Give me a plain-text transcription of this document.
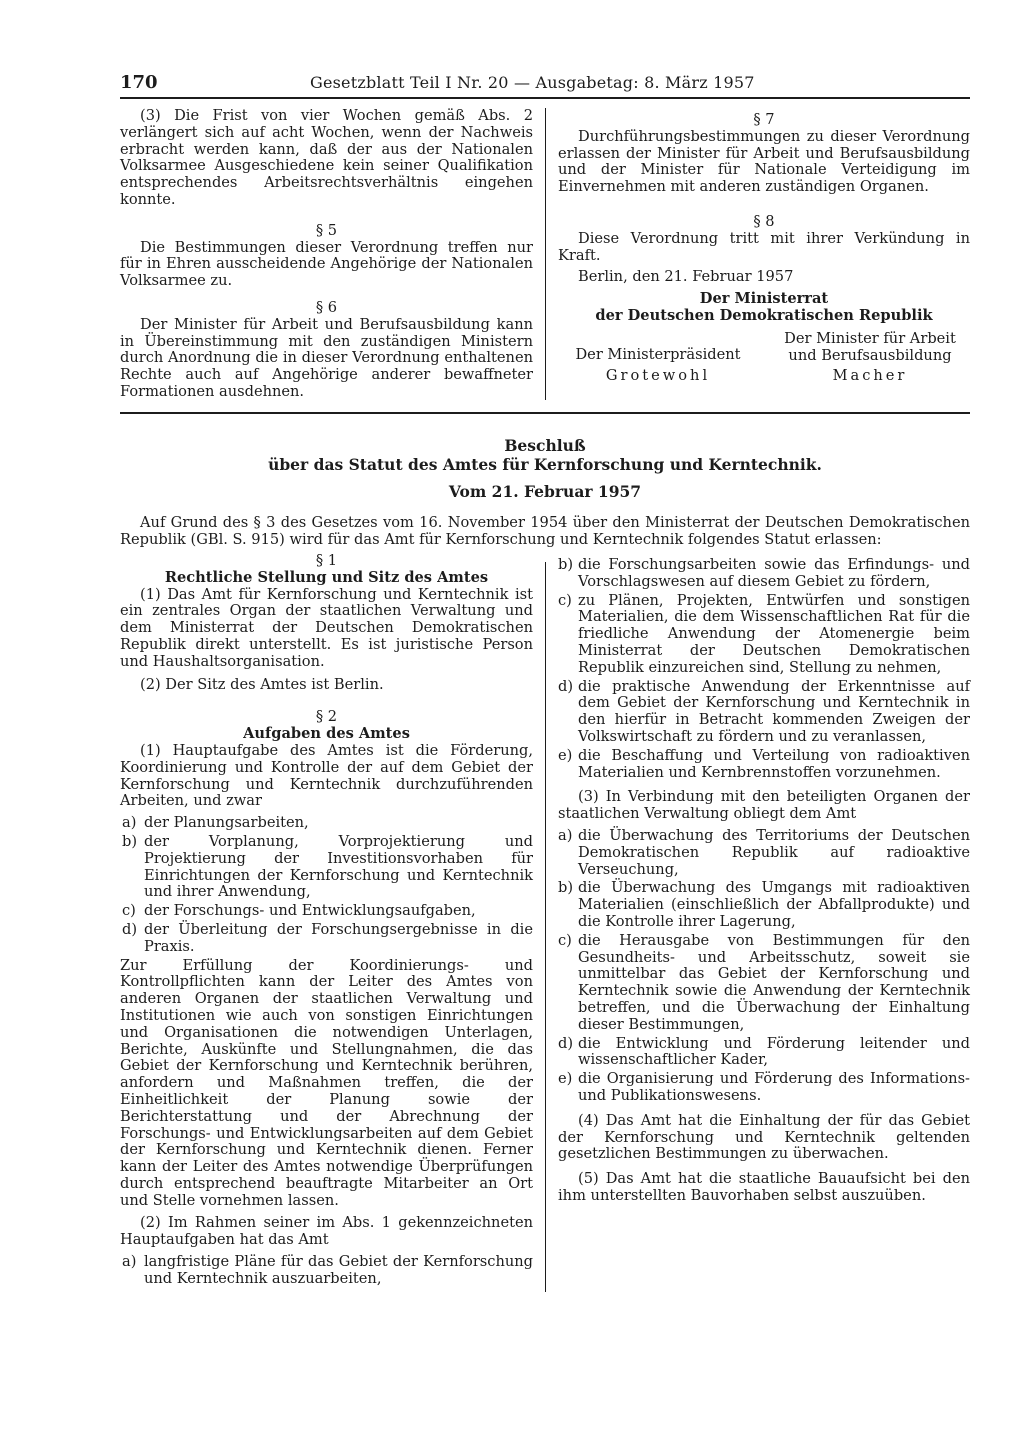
170	Gesetzblatt Teil I Nr. 20 — Ausgabetag: 8. März 1957

(3) Die Frist von vier Wochen gemäß Abs. 2 verlängert sich auf acht Wochen, wenn der Nachweis erbracht werden kann, daß der aus der Nationalen Volksarmee Ausgeschiedene kein seiner Qualifikation entsprechendes Arbeitsrechtsverhältnis eingehen konnte.

§ 5

Die Bestimmungen dieser Verordnung treffen nur für in Ehren ausscheidende Angehörige der Nationalen Volksarmee zu.

§ 6

Der Minister für Arbeit und Berufsausbildung kann in Übereinstimmung mit den zuständigen Ministern durch Anordnung die in dieser Verordnung enthaltenen Rechte auch auf Angehörige anderer bewaffneter Formationen ausdehnen.

§ 7

Durchführungsbestimmungen zu dieser Verordnung erlassen der Minister für Arbeit und Berufsausbildung und der Minister für Nationale Verteidigung im Einvernehmen mit anderen zuständigen Organen.

§ 8

Diese Verordnung tritt mit ihrer Verkündung in Kraft.

Berlin, den 21. Februar 1957

Der Ministerrat
der Deutschen Demokratischen Republik
Der Ministerpräsident
Grotewohl
Der Minister für Arbeit
und Berufsausbildung
Macher
Beschluß
über das Statut des Amtes für Kernforschung und Kerntechnik.
Vom 21. Februar 1957
Auf Grund des § 3 des Gesetzes vom 16. November 1954 über den Ministerrat der Deutschen Demokratischen Republik (GBl. S. 915) wird für das Amt für Kernforschung und Kerntechnik folgendes Statut erlassen:
§ 1
Rechtliche Stellung und Sitz des Amtes

(1) Das Amt für Kernforschung und Kerntechnik ist ein zentrales Organ der staatlichen Verwaltung und dem Ministerrat der Deutschen Demokratischen Republik direkt unterstellt. Es ist juristische Person und Haushaltsorganisation.

(2) Der Sitz des Amtes ist Berlin.

§ 2
Aufgaben des Amtes

(1) Hauptaufgabe des Amtes ist die Förderung, Koordinierung und Kontrolle der auf dem Gebiet der Kernforschung und Kerntechnik durchzuführenden Arbeiten, und zwar

a) der Planungsarbeiten,
b) der Vorplanung, Vorprojektierung und Projektierung der Investitionsvorhaben für Einrichtungen der Kernforschung und Kerntechnik und ihrer Anwendung,
c) der Forschungs- und Entwicklungsaufgaben,
d) der Überleitung der Forschungsergebnisse in die Praxis.

Zur Erfüllung der Koordinierungs- und Kontrollpflichten kann der Leiter des Amtes von anderen Organen der staatlichen Verwaltung und Institutionen wie auch von sonstigen Einrichtungen und Organisationen die notwendigen Unterlagen, Berichte, Auskünfte und Stellungnahmen, die das Gebiet der Kernforschung und Kerntechnik berühren, anfordern und Maßnahmen treffen, die der Einheitlichkeit der Planung sowie der Berichterstattung und der Abrechnung der Forschungs- und Entwicklungsarbeiten auf dem Gebiet der Kernforschung und Kerntechnik dienen. Ferner kann der Leiter des Amtes notwendige Überprüfungen durch entsprechend beauftragte Mitarbeiter an Ort und Stelle vornehmen lassen.

(2) Im Rahmen seiner im Abs. 1 gekennzeichneten Hauptaufgaben hat das Amt

a) langfristige Pläne für das Gebiet der Kernforschung und Kerntechnik auszuarbeiten,
b) die Forschungsarbeiten sowie das Erfindungs- und Vorschlagswesen auf diesem Gebiet zu fördern,
c) zu Plänen, Projekten, Entwürfen und sonstigen Materialien, die dem Wissenschaftlichen Rat für die friedliche Anwendung der Atomenergie beim Ministerrat der Deutschen Demokratischen Republik einzureichen sind, Stellung zu nehmen,
d) die praktische Anwendung der Erkenntnisse auf dem Gebiet der Kernforschung und Kerntechnik in den hierfür in Betracht kommenden Zweigen der Volkswirtschaft zu fördern und zu veranlassen,
e) die Beschaffung und Verteilung von radioaktiven Materialien und Kernbrennstoffen vorzunehmen.

(3) In Verbindung mit den beteiligten Organen der staatlichen Verwaltung obliegt dem Amt

a) die Überwachung des Territoriums der Deutschen Demokratischen Republik auf radioaktive Verseuchung,
b) die Überwachung des Umgangs mit radioaktiven Materialien (einschließlich der Abfallprodukte) und die Kontrolle ihrer Lagerung,
c) die Herausgabe von Bestimmungen für den Gesundheits- und Arbeitsschutz, soweit sie unmittelbar das Gebiet der Kernforschung und Kerntechnik sowie die Anwendung der Kerntechnik betreffen, und die Überwachung der Einhaltung dieser Bestimmungen,
d) die Entwicklung und Förderung leitender und wissenschaftlicher Kader,
e) die Organisierung und Förderung des Informations- und Publikationswesens.

(4) Das Amt hat die Einhaltung der für das Gebiet der Kernforschung und Kerntechnik geltenden gesetzlichen Bestimmungen zu überwachen.

(5) Das Amt hat die staatliche Bauaufsicht bei den ihm unterstellten Bauvorhaben selbst auszuüben.
